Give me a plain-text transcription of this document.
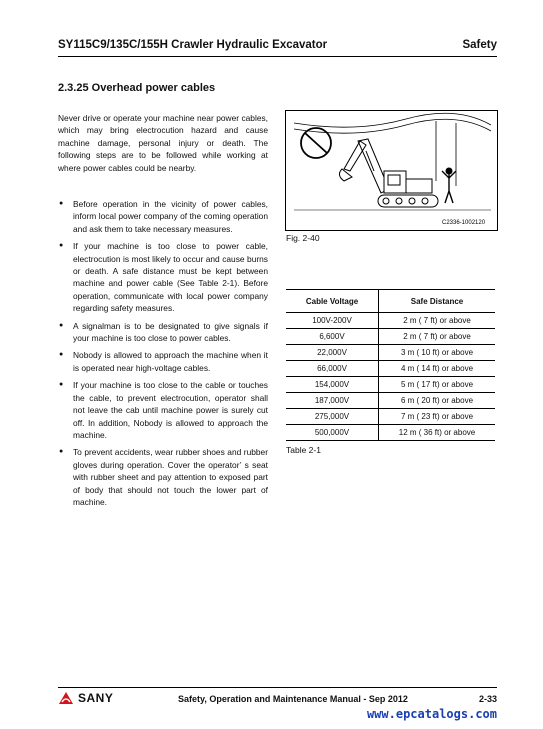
SY115C9/135C/155H Crawler Hydraulic Excavator	Safety
2.3.25 Overhead power cables

Never drive or operate your machine near power cables, which may bring electrocution hazard and cause machine damage, personal injury or death. The following steps are to be followed while working at where power cables could be nearby.

● Before operation in the vicinity of power cables, inform local power company of the coming operation and ask them to take necessary measures.
● If your machine is too close to power cable, electrocution is most likely to occur and cause burns or death. A safe distance must be kept between machine and power cable (See Table 2-1). Before operation, communicate with local power company regarding safety measures.
● A signalman is to be designated to give signals if your machine is too close to power cables.
● Nobody is allowed to approach the machine when it is operated near high-voltage cables.
● If your machine is too close to the cable or touches the cable, to prevent electrocution, operator shall not leave the cab until machine power is surely cut off. In addition, Nobody is allowed to approach the machine.
● To prevent accidents, wear rubber shoes and rubber gloves during operation. Cover the operator’ s seat with rubber sheet and pay attention to exposed part of body that should not touch the lower part of machine.
C2336-1002120
Fig. 2-40
Cable Voltage	Safe Distance
100V-200V	2 m ( 7 ft) or above
6,600V	2 m ( 7 ft) or above
22,000V	3 m ( 10 ft) or above
66,000V	4 m ( 14 ft) or above
154,000V	5 m ( 17 ft) or above
187,000V	6 m ( 20 ft) or above
275,000V	7 m ( 23 ft) or above
500,000V	12 m ( 36 ft) or above
Table 2-1
SANY	Safety, Operation and Maintenance Manual - Sep 2012	2-33
www.epcatalogs.com
